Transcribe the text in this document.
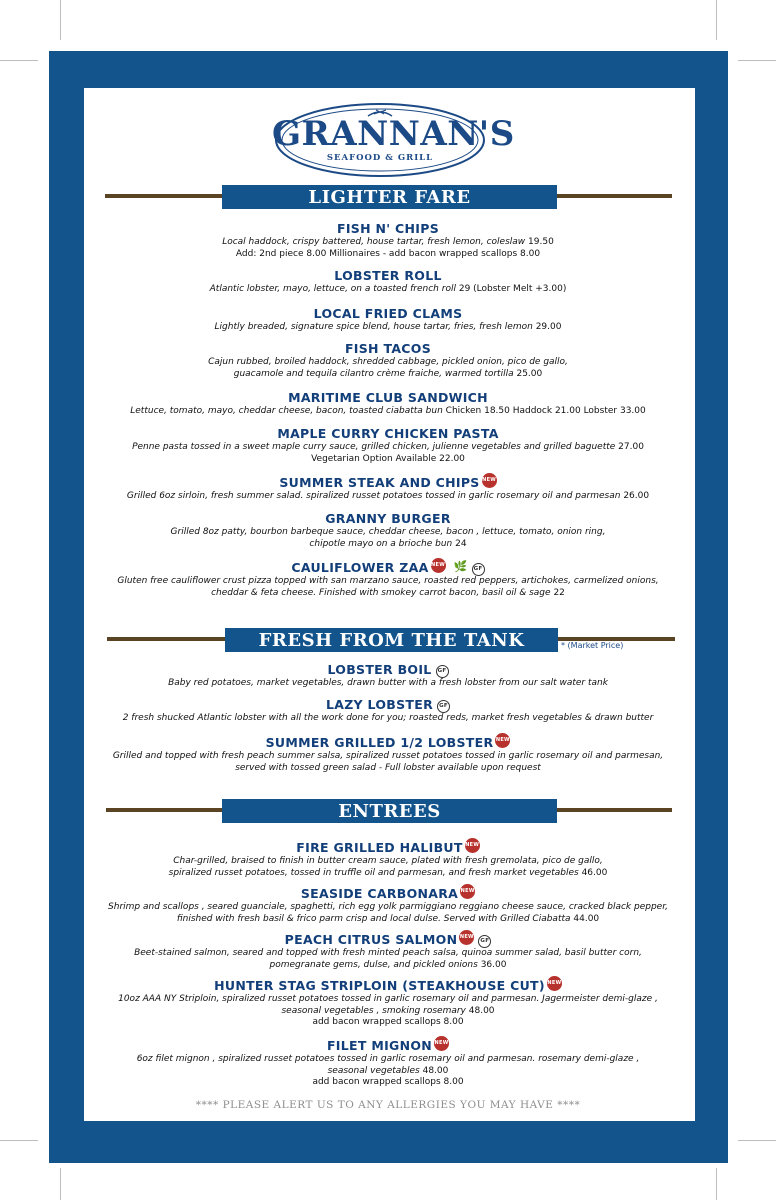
GRANNAN'S
SEAFOOD & GRILL
LIGHTER FARE
FISH N' CHIPS
Local haddock, crispy battered, house tartar, fresh lemon, coleslaw 19.50
Add: 2nd piece 8.00 Millionaires - add bacon wrapped scallops 8.00
LOBSTER ROLL
Atlantic lobster, mayo, lettuce, on a toasted french roll 29 (Lobster Melt +3.00)
LOCAL FRIED CLAMS
Lightly breaded, signature spice blend, house tartar, fries, fresh lemon 29.00
FISH TACOS
Cajun rubbed, broiled haddock, shredded cabbage, pickled onion, pico de gallo,
guacamole and tequila cilantro crème fraiche, warmed tortilla 25.00
MARITIME CLUB SANDWICH
Lettuce, tomato, mayo, cheddar cheese, bacon, toasted ciabatta bun Chicken 18.50 Haddock 21.00 Lobster 33.00
MAPLE CURRY CHICKEN PASTA
Penne pasta tossed in a sweet maple curry sauce, grilled chicken, julienne vegetables and grilled baguette 27.00
Vegetarian Option Available 22.00
SUMMER STEAK AND CHIPS NEW
Grilled 6oz sirloin, fresh summer salad. spiralized russet potatoes tossed in garlic rosemary oil and parmesan 26.00
GRANNY BURGER
Grilled 8oz patty, bourbon barbeque sauce, cheddar cheese, bacon , lettuce, tomato, onion ring,
chipotle mayo on a brioche bun 24
CAULIFLOWER ZAA NEW 🌿 GF
Gluten free cauliflower crust pizza topped with san marzano sauce, roasted red peppers, artichokes, carmelized onions,
cheddar & feta cheese. Finished with smokey carrot bacon, basil oil & sage 22
FRESH FROM THE TANK	* (Market Price)
LOBSTER BOIL GF
Baby red potatoes, market vegetables, drawn butter with a fresh lobster from our salt water tank
LAZY LOBSTER GF
2 fresh shucked Atlantic lobster with all the work done for you; roasted reds, market fresh vegetables & drawn butter
SUMMER GRILLED 1/2 LOBSTER NEW
Grilled and topped with fresh peach summer salsa, spiralized russet potatoes tossed in garlic rosemary oil and parmesan,
served with tossed green salad - Full lobster available upon request
ENTREES
FIRE GRILLED HALIBUT NEW
Char-grilled, braised to finish in butter cream sauce, plated with fresh gremolata, pico de gallo,
spiralized russet potatoes, tossed in truffle oil and parmesan, and fresh market vegetables 46.00
SEASIDE CARBONARA NEW
Shrimp and scallops , seared guanciale, spaghetti, rich egg yolk parmiggiano reggiano cheese sauce, cracked black pepper,
finished with fresh basil & frico parm crisp and local dulse. Served with Grilled Ciabatta 44.00
PEACH CITRUS SALMON NEWGF
Beet-stained salmon, seared and topped with fresh minted peach salsa, quinoa summer salad, basil butter corn,
pomegranate gems, dulse, and pickled onions 36.00
HUNTER STAG STRIPLOIN (STEAKHOUSE CUT) NEW
10oz AAA NY Striploin, spiralized russet potatoes tossed in garlic rosemary oil and parmesan. Jagermeister demi-glaze ,
seasonal vegetables , smoking rosemary 48.00
add bacon wrapped scallops 8.00
FILET MIGNON NEW
6oz filet mignon , spiralized russet potatoes tossed in garlic rosemary oil and parmesan. rosemary demi-glaze ,
seasonal vegetables 48.00
add bacon wrapped scallops 8.00
**** PLEASE ALERT US TO ANY ALLERGIES YOU MAY HAVE ****
